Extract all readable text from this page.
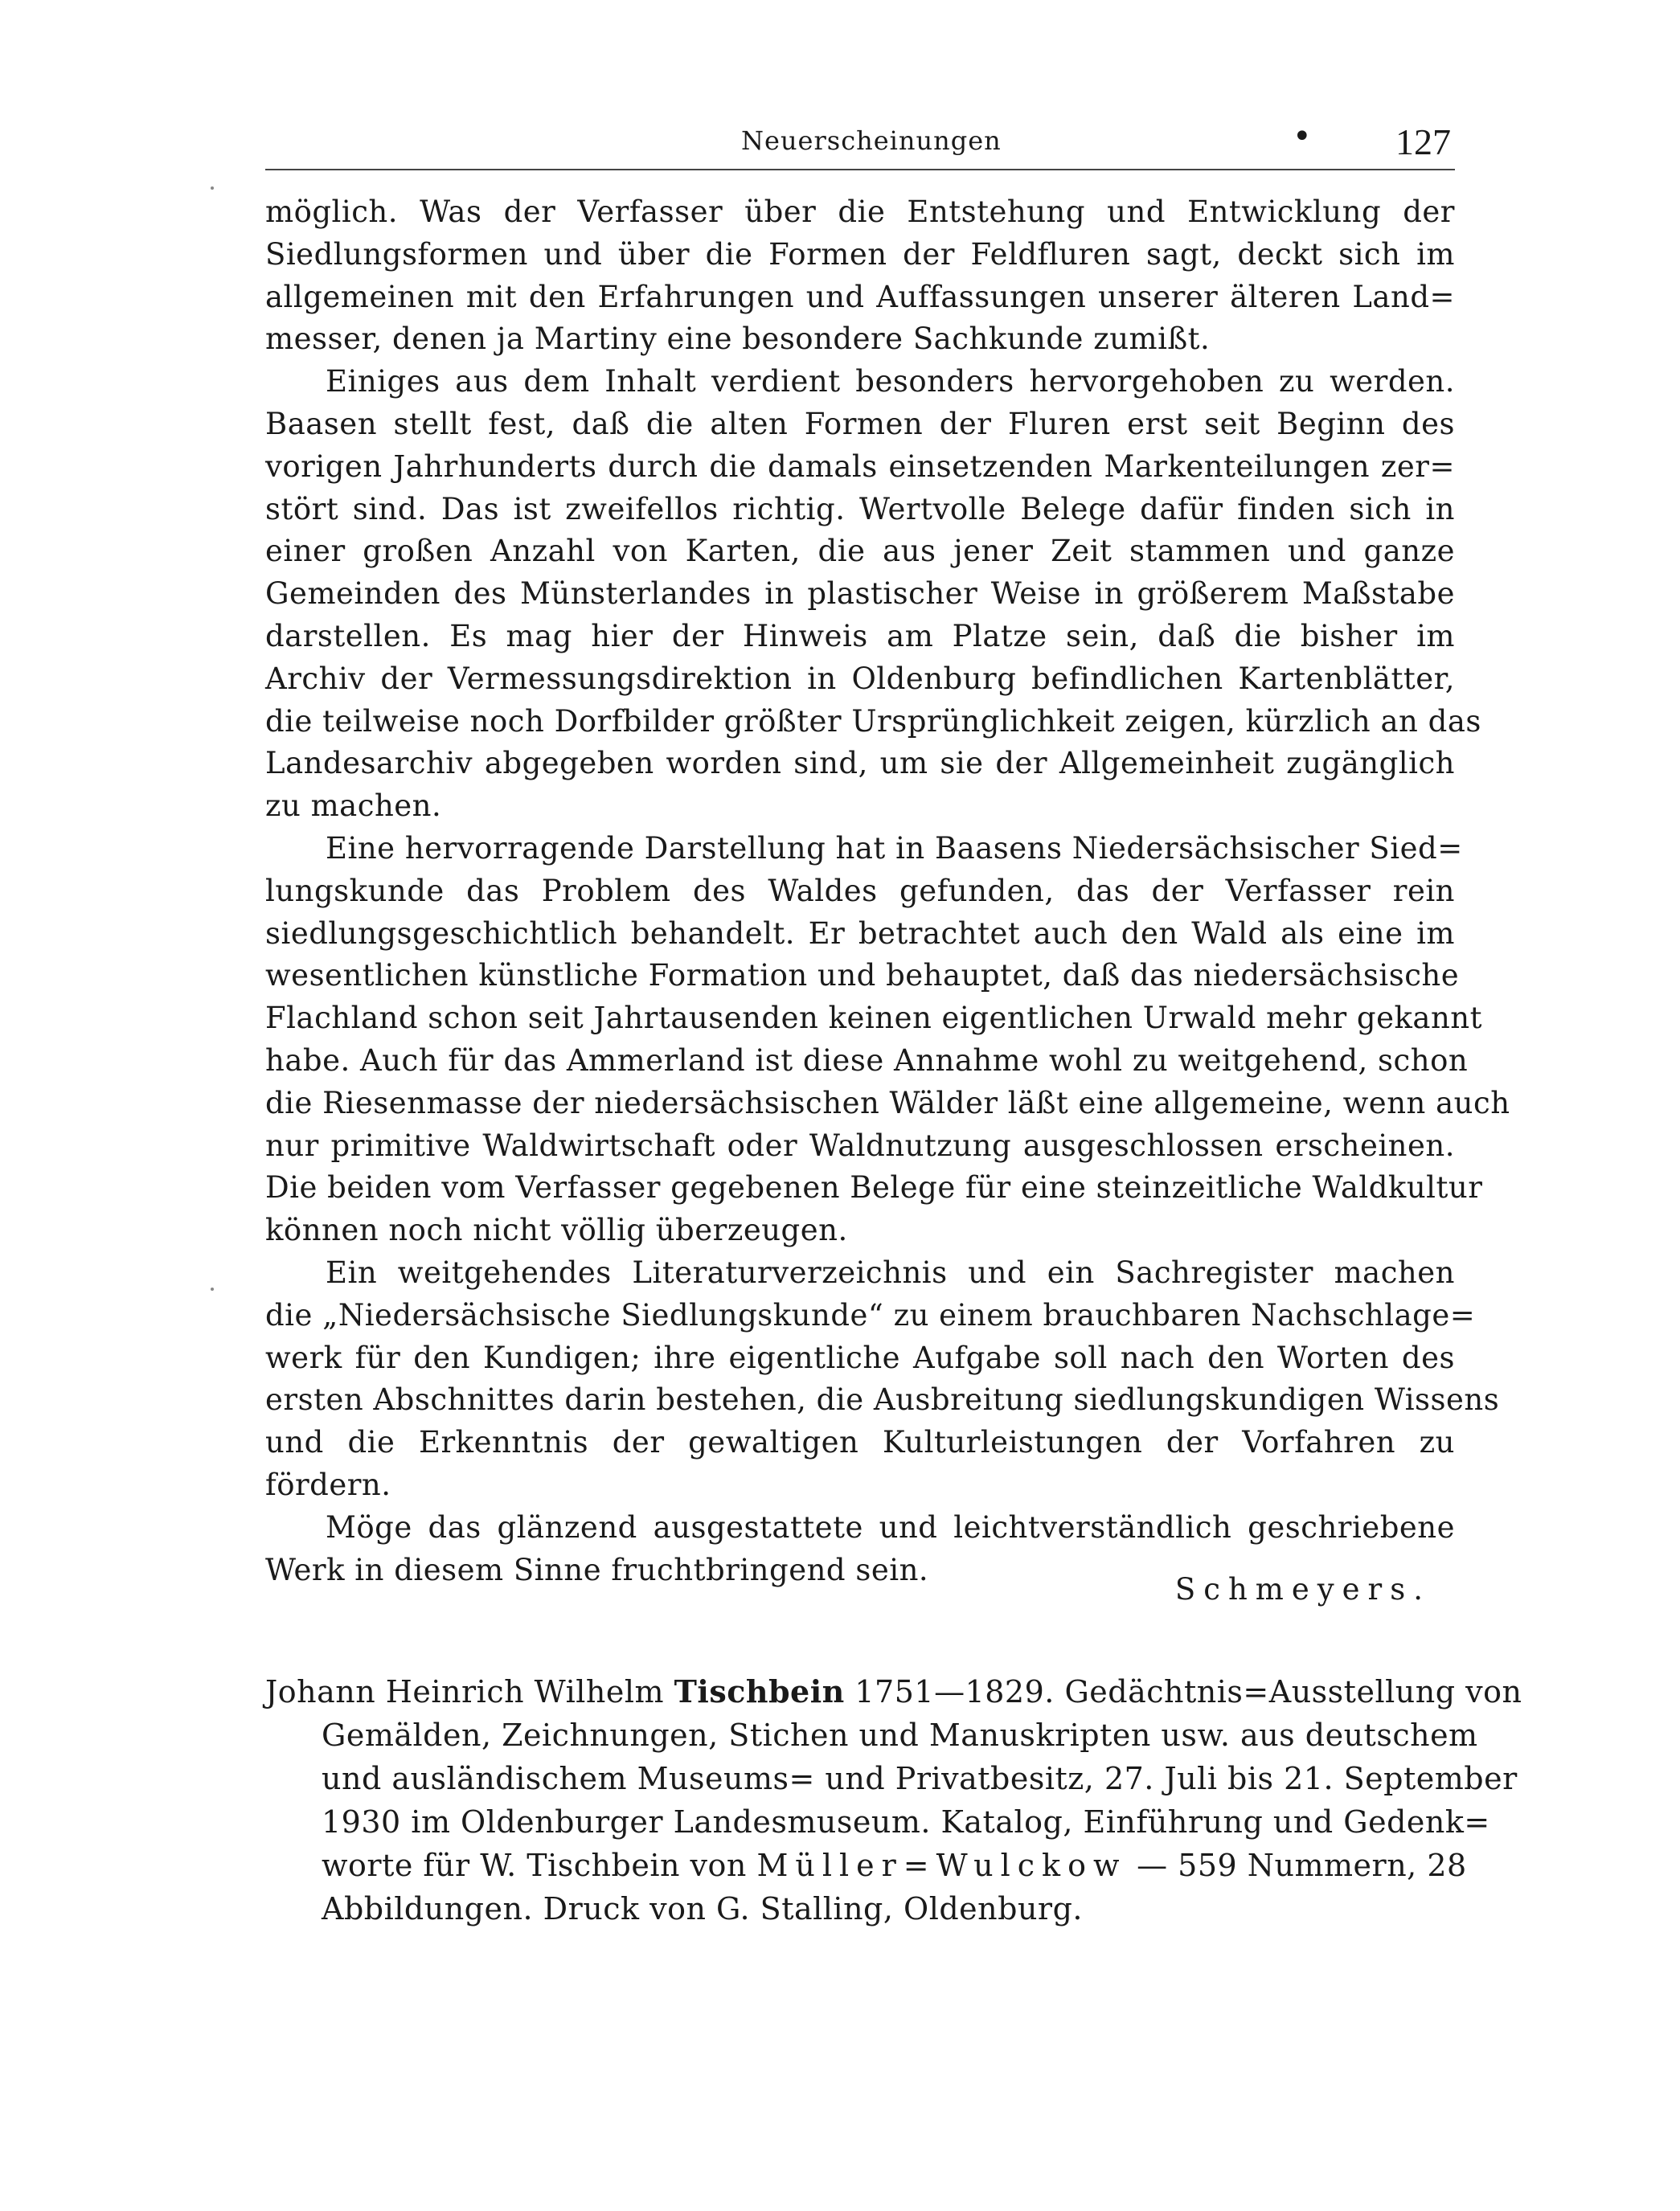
Neuerscheinungen	• 127
möglich. Was der Verfasser über die Entstehung und Entwicklung der
Siedlungsformen und über die Formen der Feldfluren sagt, deckt sich im
allgemeinen mit den Erfahrungen und Auffassungen unserer älteren Land=
messer, denen ja Martiny eine besondere Sachkunde zumißt.
Einiges aus dem Inhalt verdient besonders hervorgehoben zu werden.
Baasen stellt fest, daß die alten Formen der Fluren erst seit Beginn des
vorigen Jahrhunderts durch die damals einsetzenden Markenteilungen zer=
stört sind. Das ist zweifellos richtig. Wertvolle Belege dafür finden sich in
einer großen Anzahl von Karten, die aus jener Zeit stammen und ganze
Gemeinden des Münsterlandes in plastischer Weise in größerem Maßstabe
darstellen. Es mag hier der Hinweis am Platze sein, daß die bisher im
Archiv der Vermessungsdirektion in Oldenburg befindlichen Kartenblätter,
die teilweise noch Dorfbilder größter Ursprünglichkeit zeigen, kürzlich an das
Landesarchiv abgegeben worden sind, um sie der Allgemeinheit zugänglich
zu machen.
Eine hervorragende Darstellung hat in Baasens Niedersächsischer Sied=
lungskunde das Problem des Waldes gefunden, das der Verfasser rein
siedlungsgeschichtlich behandelt. Er betrachtet auch den Wald als eine im
wesentlichen künstliche Formation und behauptet, daß das niedersächsische
Flachland schon seit Jahrtausenden keinen eigentlichen Urwald mehr gekannt
habe. Auch für das Ammerland ist diese Annahme wohl zu weitgehend, schon
die Riesenmasse der niedersächsischen Wälder läßt eine allgemeine, wenn auch
nur primitive Waldwirtschaft oder Waldnutzung ausgeschlossen erscheinen.
Die beiden vom Verfasser gegebenen Belege für eine steinzeitliche Waldkultur
können noch nicht völlig überzeugen.
Ein weitgehendes Literaturverzeichnis und ein Sachregister machen
die „Niedersächsische Siedlungskunde“ zu einem brauchbaren Nachschlage=
werk für den Kundigen; ihre eigentliche Aufgabe soll nach den Worten des
ersten Abschnittes darin bestehen, die Ausbreitung siedlungskundigen Wissens
und die Erkenntnis der gewaltigen Kulturleistungen der Vorfahren zu
fördern.
Möge das glänzend ausgestattete und leichtverständlich geschriebene
Werk in diesem Sinne fruchtbringend sein.
Schmeyers.
Johann Heinrich Wilhelm Tischbein 1751—1829. Gedächtnis=Ausstellung von
Gemälden, Zeichnungen, Stichen und Manuskripten usw. aus deutschem
und ausländischem Museums= und Privatbesitz, 27. Juli bis 21. September
1930 im Oldenburger Landesmuseum. Katalog, Einführung und Gedenk=
worte für W. Tischbein von Müller=Wulckow — 559 Nummern, 28
Abbildungen. Druck von G. Stalling, Oldenburg.
